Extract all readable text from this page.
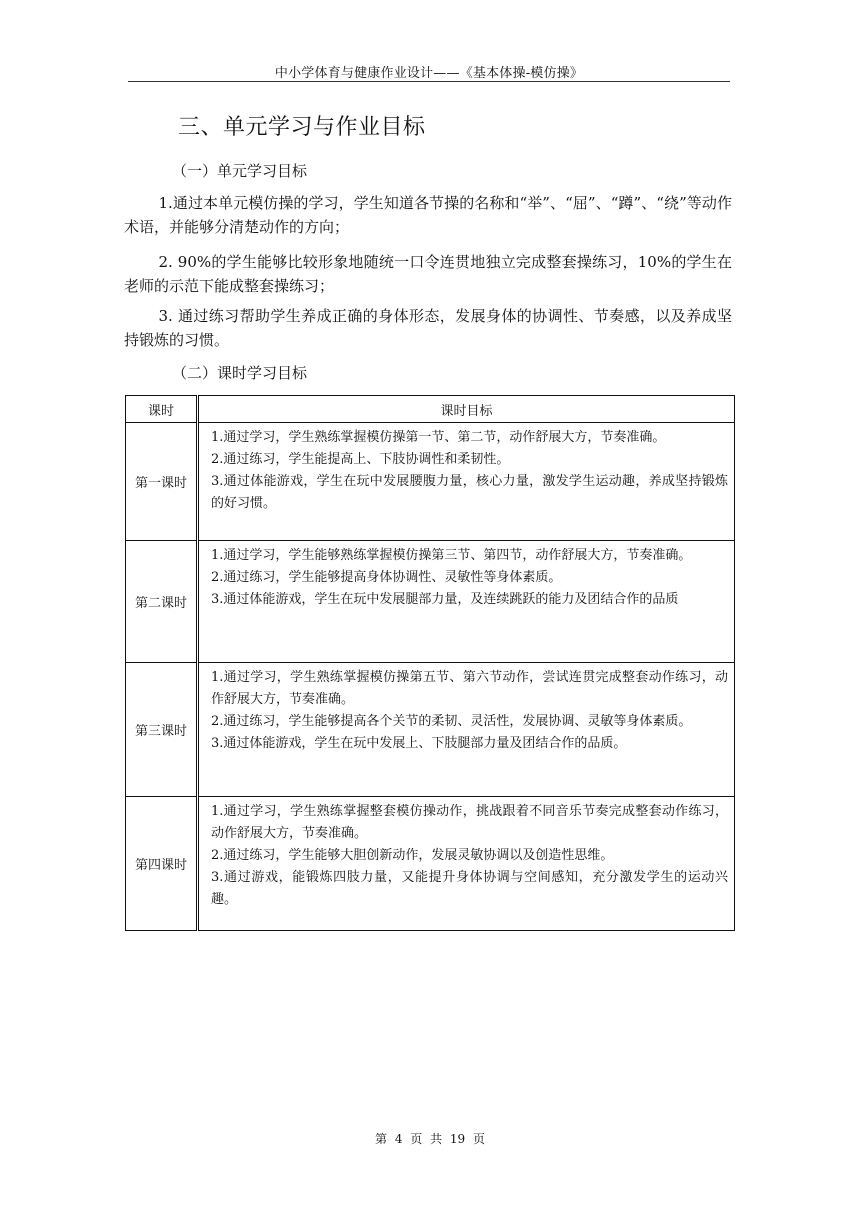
中小学体育与健康作业设计——《基本体操-模仿操》
三、单元学习与作业目标
（一）单元学习目标

1.通过本单元模仿操的学习，学生知道各节操的名称和“举”、“屈”、“蹲”、“绕”等动作术语，并能够分清楚动作的方向；

2. 90%的学生能够比较形象地随统一口令连贯地独立完成整套操练习，10%的学生在老师的示范下能成整套操练习；

3. 通过练习帮助学生养成正确的身体形态，发展身体的协调性、节奏感，以及养成坚持锻炼的习惯。

（二）课时学习目标
课时	课时目标
第一课时	1.通过学习，学生熟练掌握模仿操第一节、第二节，动作舒展大方，节奏准确。
2.通过练习，学生能提高上、下肢协调性和柔韧性。
3.通过体能游戏，学生在玩中发展腰腹力量，核心力量，激发学生运动趣，养成坚持锻炼的好习惯。

第二课时	1.通过学习，学生能够熟练掌握模仿操第三节、第四节，动作舒展大方，节奏准确。
2.通过练习，学生能够提高身体协调性、灵敏性等身体素质。
3.通过体能游戏，学生在玩中发展腿部力量，及连续跳跃的能力及团结合作的品质

第三课时	1.通过学习，学生熟练掌握模仿操第五节、第六节动作，尝试连贯完成整套动作练习，动作舒展大方，节奏准确。
2.通过练习，学生能够提高各个关节的柔韧、灵活性，发展协调、灵敏等身体素质。
3.通过体能游戏，学生在玩中发展上、下肢腿部力量及团结合作的品质。

第四课时	1.通过学习，学生熟练掌握整套模仿操动作，挑战跟着不同音乐节奏完成整套动作练习，动作舒展大方，节奏准确。
2.通过练习，学生能够大胆创新动作，发展灵敏协调以及创造性思维。
3.通过游戏，能锻炼四肢力量，又能提升身体协调与空间感知，充分激发学生的运动兴趣。
第 4 页 共 19 页
